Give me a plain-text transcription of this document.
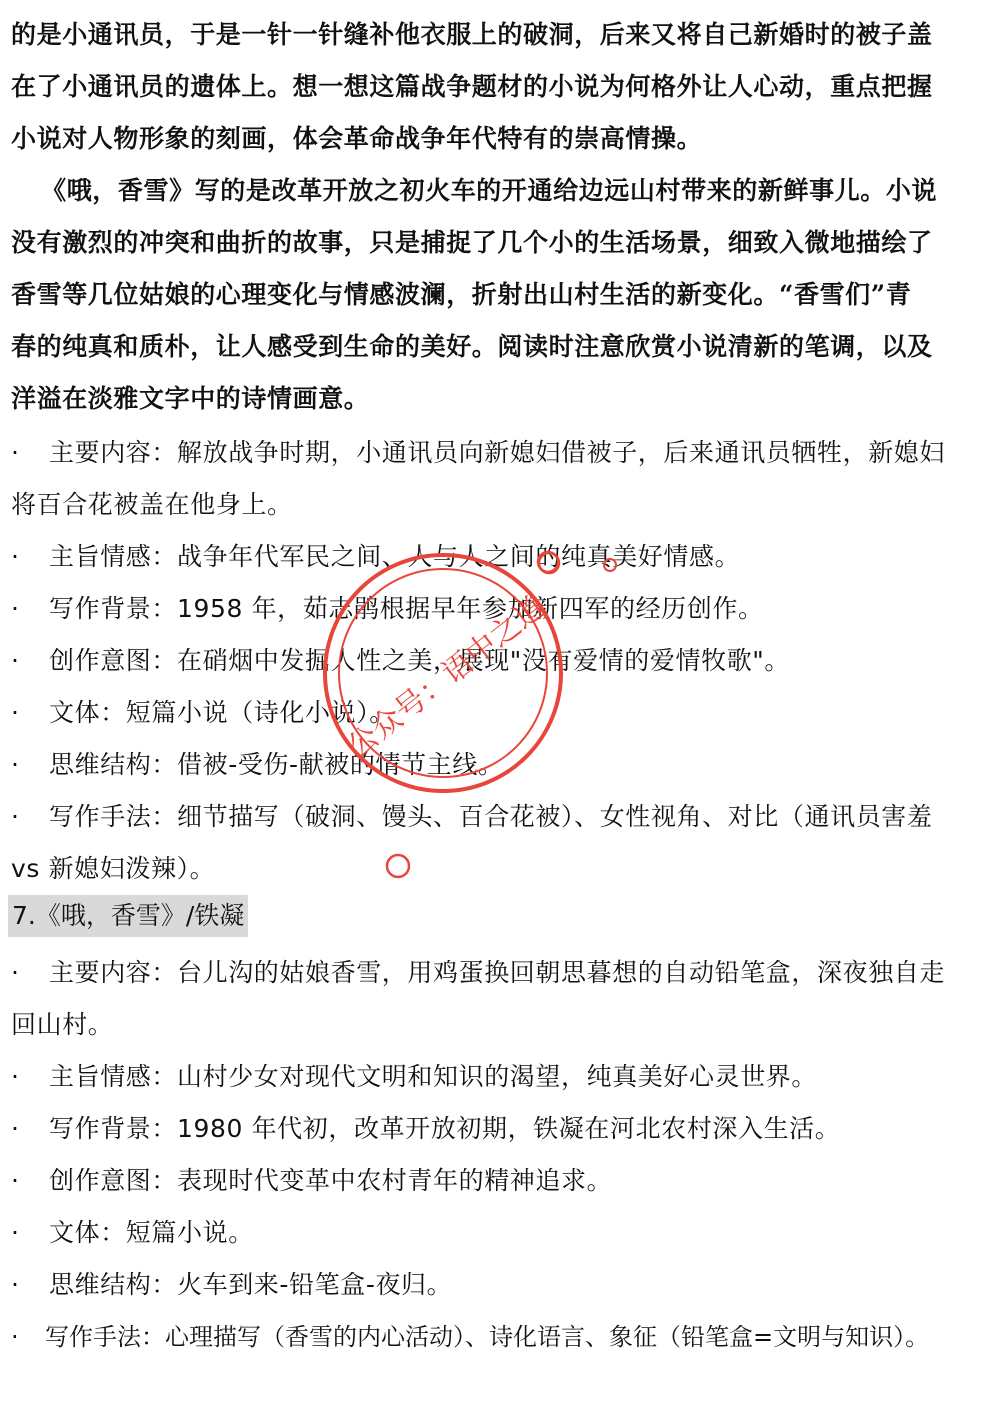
的是小通讯员，于是一针一针缝补他衣服上的破洞，后来又将自己新婚时的被子盖
在了小通讯员的遗体上。想一想这篇战争题材的小说为何格外让人心动，重点把握
小说对人物形象的刻画，体会革命战争年代特有的崇高情操。
　《哦，香雪》写的是改革开放之初火车的开通给边远山村带来的新鲜事儿。小说
没有激烈的冲突和曲折的故事，只是捕捉了几个小的生活场景，细致入微地描绘了
香雪等几位姑娘的心理变化与情感波澜，折射出山村生活的新变化。“香雪们”青
春的纯真和质朴，让人感受到生命的美好。阅读时注意欣赏小说清新的笔调，以及
洋溢在淡雅文字中的诗情画意。
· 主要内容：解放战争时期，小通讯员向新媳妇借被子，后来通讯员牺牲，新媳妇
将百合花被盖在他身上。
· 主旨情感：战争年代军民之间、人与人之间的纯真美好情感。
· 写作背景：1958 年，茹志鹃根据早年参加新四军的经历创作。
· 创作意图：在硝烟中发掘人性之美，展现"没有爱情的爱情牧歌"。
· 文体：短篇小说（诗化小说）。
· 思维结构：借被-受伤-献被的情节主线。
· 写作手法：细节描写（破洞、馒头、百合花被）、女性视角、对比（通讯员害羞
vs 新媳妇泼辣）。
7.《哦，香雪》/铁凝
· 主要内容：台儿沟的姑娘香雪，用鸡蛋换回朝思暮想的自动铅笔盒，深夜独自走
回山村。
· 主旨情感：山村少女对现代文明和知识的渴望，纯真美好心灵世界。
· 写作背景：1980 年代初，改革开放初期，铁凝在河北农村深入生活。
· 创作意图：表现时代变革中农村青年的精神追求。
· 文体：短篇小说。
· 思维结构：火车到来-铅笔盒-夜归。
· 写作手法：心理描写（香雪的内心活动）、诗化语言、象征（铅笔盒=文明与知识）。
公众号：语中之道
